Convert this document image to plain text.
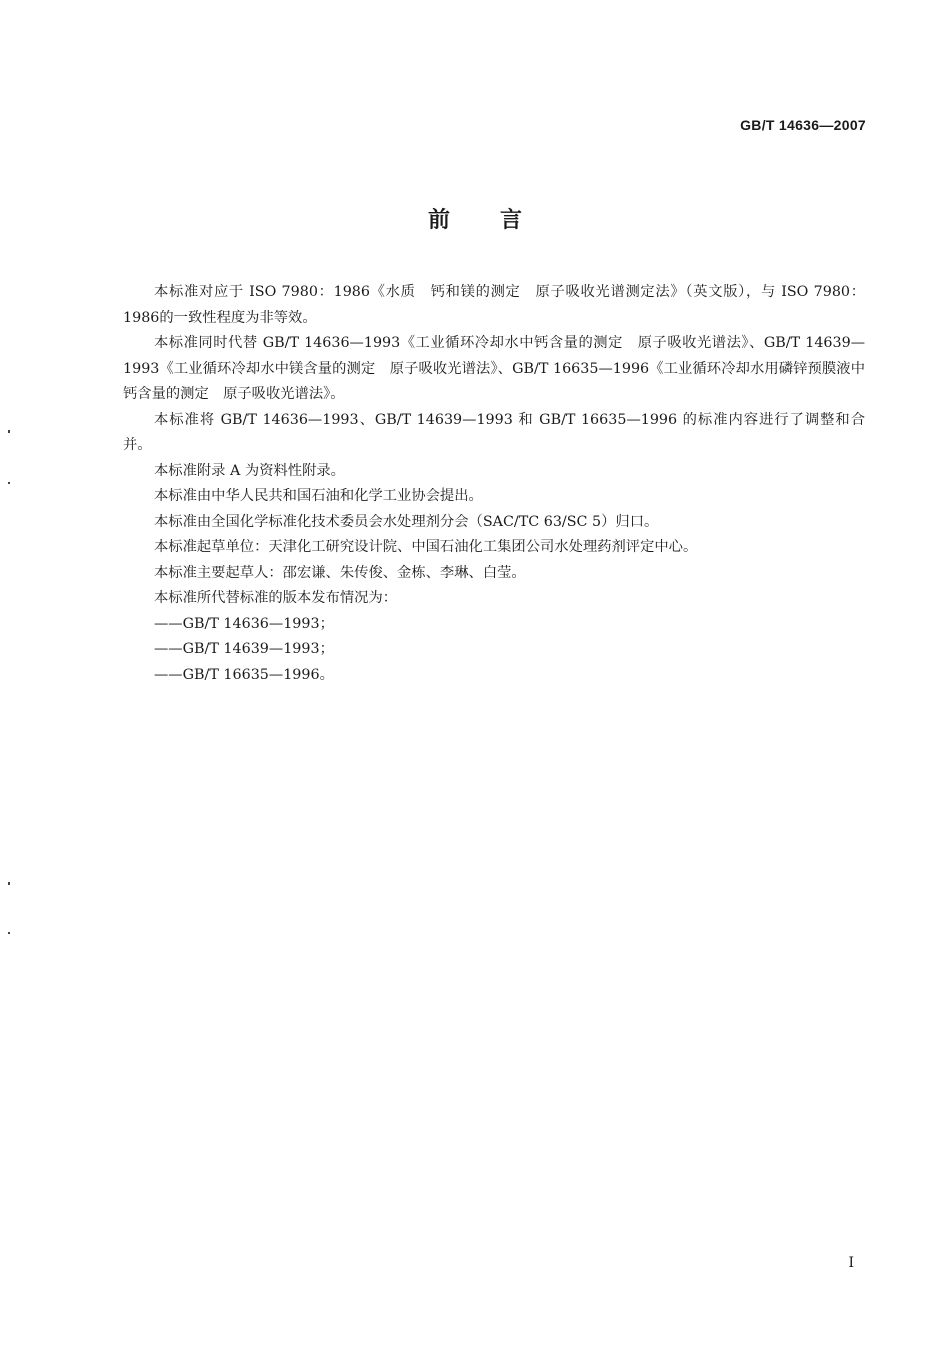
GB/T 14636—2007
前 言

本标准对应于 ISO 7980：1986《水质　钙和镁的测定　原子吸收光谱测定法》（英文版），与 ISO 7980：1986的一致性程度为非等效。

本标准同时代替 GB/T 14636—1993《工业循环冷却水中钙含量的测定　原子吸收光谱法》、GB/T 14639—1993《工业循环冷却水中镁含量的测定　原子吸收光谱法》、GB/T 16635—1996《工业循环冷却水用磷锌预膜液中钙含量的测定　原子吸收光谱法》。

本标准将 GB/T 14636—1993、GB/T 14639—1993 和 GB/T 16635—1996 的标准内容进行了调整和合并。

本标准附录 A 为资料性附录。

本标准由中华人民共和国石油和化学工业协会提出。

本标准由全国化学标准化技术委员会水处理剂分会（SAC/TC 63/SC 5）归口。

本标准起草单位：天津化工研究设计院、中国石油化工集团公司水处理药剂评定中心。

本标准主要起草人：邵宏谦、朱传俊、金栋、李琳、白莹。

本标准所代替标准的版本发布情况为：

——GB/T 14636—1993；

——GB/T 14639—1993；

——GB/T 16635—1996。

I
